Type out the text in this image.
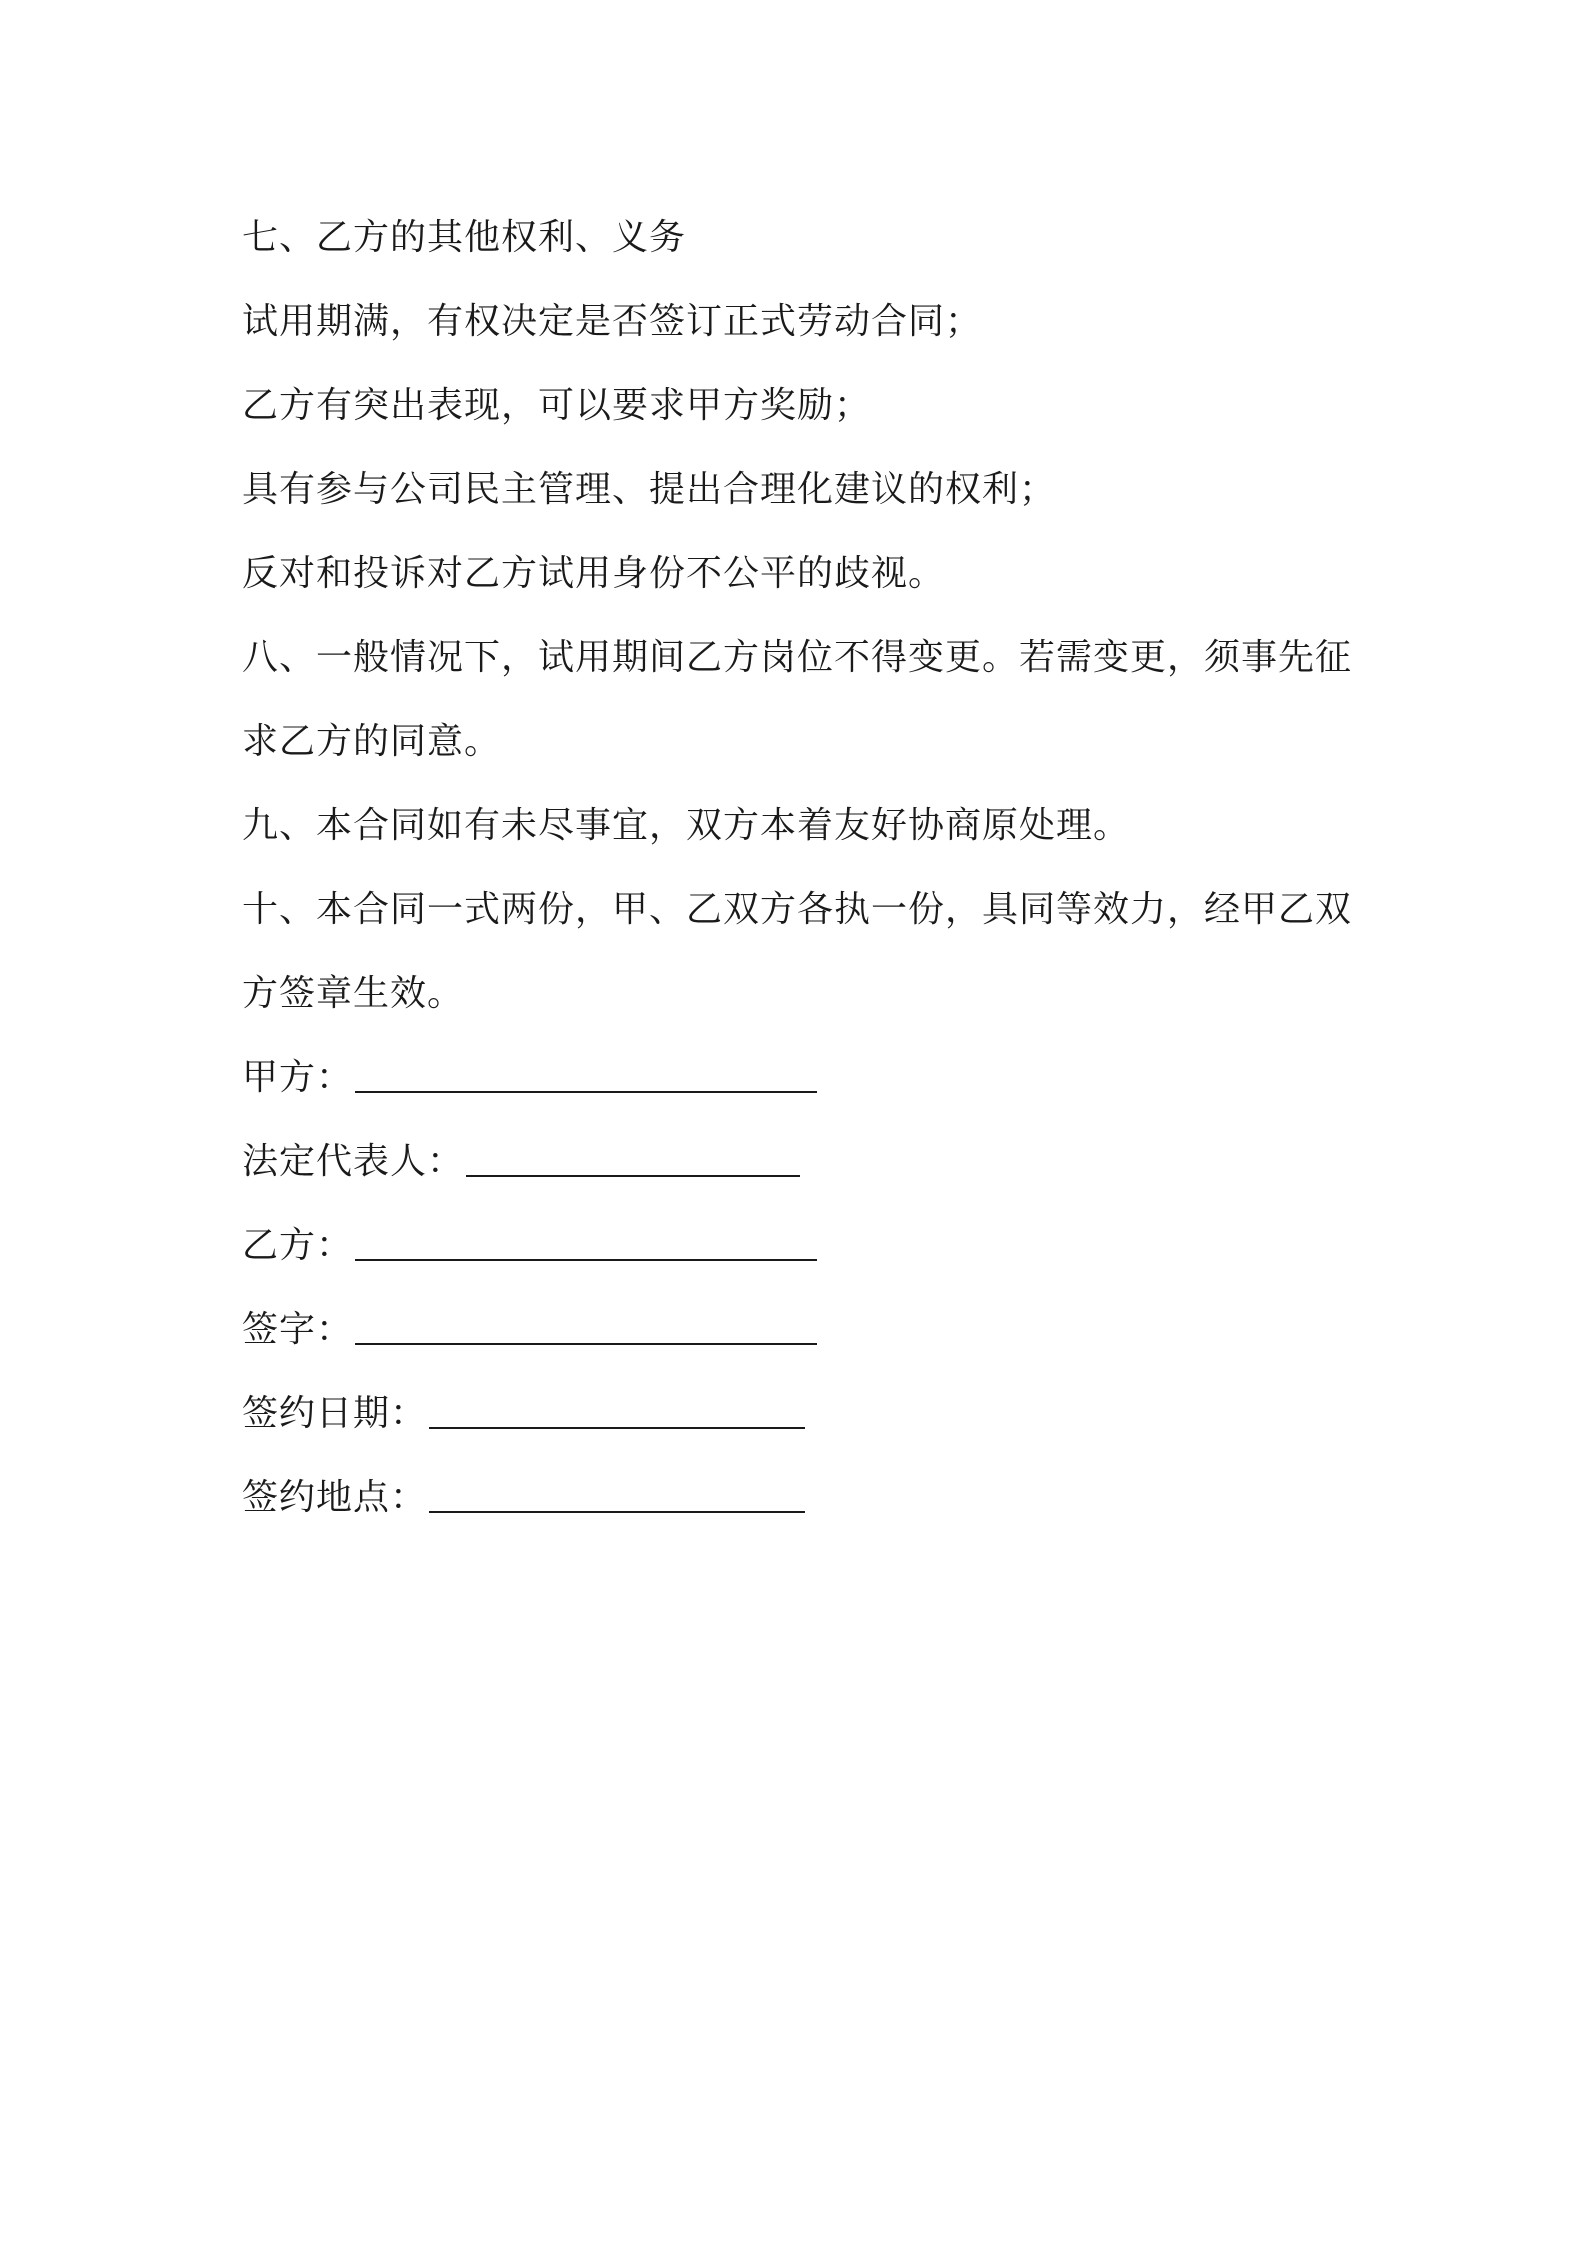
七、乙方的其他权利、义务
试用期满，有权决定是否签订正式劳动合同；
乙方有突出表现，可以要求甲方奖励；
具有参与公司民主管理、提出合理化建议的权利；
反对和投诉对乙方试用身份不公平的歧视。
八、一般情况下，试用期间乙方岗位不得变更。若需变更，须事先征
求乙方的同意。
九、本合同如有未尽事宜，双方本着友好协商原处理。
十、本合同一式两份，甲、乙双方各执一份，具同等效力，经甲乙双
方签章生效。
甲方：
法定代表人：
乙方：
签字：
签约日期：
签约地点：
